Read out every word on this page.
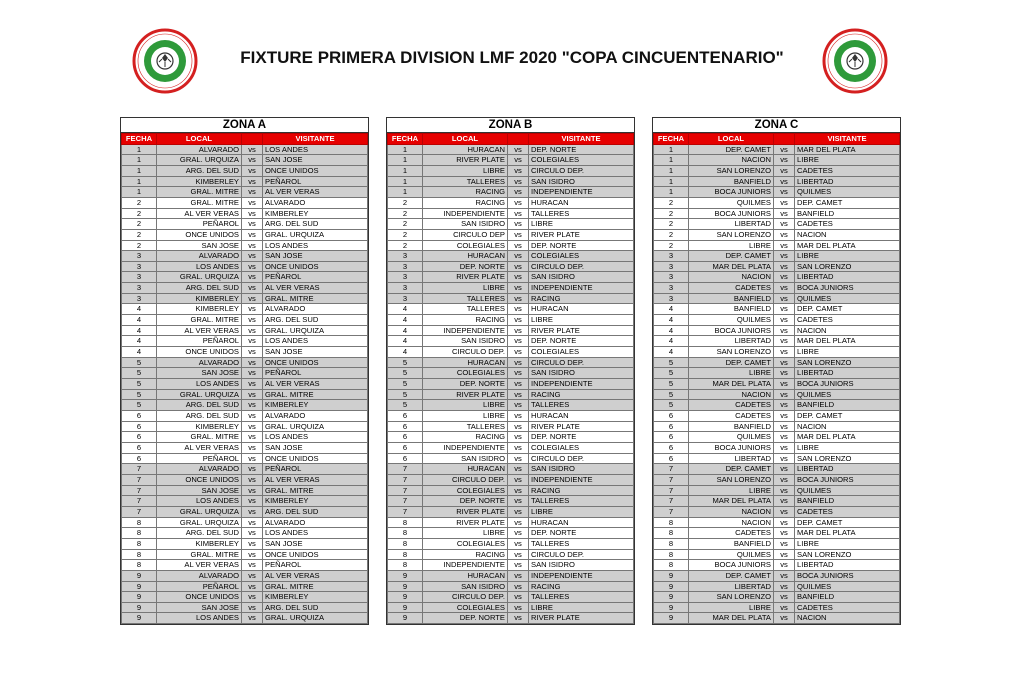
FIXTURE PRIMERA DIVISION LMF 2020 "COPA CINCUENTENARIO"
ZONA A
FECHA	LOCAL		VISITANTE
1	ALVARADO	vs	LOS ANDES
1	GRAL. URQUIZA	vs	SAN JOSE
1	ARG. DEL SUD	vs	ONCE UNIDOS
1	KIMBERLEY	vs	PEÑAROL
1	GRAL. MITRE	vs	AL VER VERAS
2	GRAL. MITRE	vs	ALVARADO
2	AL VER VERAS	vs	KIMBERLEY
2	PEÑAROL	vs	ARG. DEL SUD
2	ONCE UNIDOS	vs	GRAL. URQUIZA
2	SAN JOSE	vs	LOS ANDES
3	ALVARADO	vs	SAN JOSE
3	LOS ANDES	vs	ONCE UNIDOS
3	GRAL. URQUIZA	vs	PEÑAROL
3	ARG. DEL SUD	vs	AL VER VERAS
3	KIMBERLEY	vs	GRAL. MITRE
4	KIMBERLEY	vs	ALVARADO
4	GRAL. MITRE	vs	ARG. DEL SUD
4	AL VER VERAS	vs	GRAL. URQUIZA
4	PEÑAROL	vs	LOS ANDES
4	ONCE UNIDOS	vs	SAN JOSE
5	ALVARADO	vs	ONCE UNIDOS
5	SAN JOSE	vs	PEÑAROL
5	LOS ANDES	vs	AL VER VERAS
5	GRAL. URQUIZA	vs	GRAL. MITRE
5	ARG. DEL SUD	vs	KIMBERLEY
6	ARG. DEL SUD	vs	ALVARADO
6	KIMBERLEY	vs	GRAL. URQUIZA
6	GRAL. MITRE	vs	LOS ANDES
6	AL VER VERAS	vs	SAN JOSE
6	PEÑAROL	vs	ONCE UNIDOS
7	ALVARADO	vs	PEÑAROL
7	ONCE UNIDOS	vs	AL VER VERAS
7	SAN JOSE	vs	GRAL. MITRE
7	LOS ANDES	vs	KIMBERLEY
7	GRAL. URQUIZA	vs	ARG. DEL SUD
8	GRAL. URQUIZA	vs	ALVARADO
8	ARG. DEL SUD	vs	LOS ANDES
8	KIMBERLEY	vs	SAN JOSE
8	GRAL. MITRE	vs	ONCE UNIDOS
8	AL VER VERAS	vs	PEÑAROL
9	ALVARADO	vs	AL VER VERAS
9	PEÑAROL	vs	GRAL. MITRE
9	ONCE UNIDOS	vs	KIMBERLEY
9	SAN JOSE	vs	ARG. DEL SUD
9	LOS ANDES	vs	GRAL. URQUIZA
ZONA B
FECHA	LOCAL		VISITANTE
1	HURACAN	vs	DEP. NORTE
1	RIVER PLATE	vs	COLEGIALES
1	LIBRE	vs	CIRCULO DEP.
1	TALLERES	vs	SAN ISIDRO
1	RACING	vs	INDEPENDIENTE
2	RACING	vs	HURACAN
2	INDEPENDIENTE	vs	TALLERES
2	SAN ISIDRO	vs	LIBRE
2	CIRCULO DEP	vs	RIVER PLATE
2	COLEGIALES	vs	DEP. NORTE
3	HURACAN	vs	COLEGIALES
3	DEP. NORTE	vs	CIRCULO DEP.
3	RIVER PLATE	vs	SAN ISIDRO
3	LIBRE	vs	INDEPENDIENTE
3	TALLERES	vs	RACING
4	TALLERES	vs	HURACAN
4	RACING	vs	LIBRE
4	INDEPENDIENTE	vs	RIVER PLATE
4	SAN ISIDRO	vs	DEP. NORTE
4	CIRCULO DEP.	vs	COLEGIALES
5	HURACAN	vs	CIRCULO DEP.
5	COLEGIALES	vs	SAN ISIDRO
5	DEP. NORTE	vs	INDEPENDIENTE
5	RIVER PLATE	vs	RACING
5	LIBRE	vs	TALLERES
6	LIBRE	vs	HURACAN
6	TALLERES	vs	RIVER PLATE
6	RACING	vs	DEP. NORTE
6	INDEPENDIENTE	vs	COLEGIALES
6	SAN ISIDRO	vs	CIRCULO DEP.
7	HURACAN	vs	SAN ISIDRO
7	CIRCULO DEP.	vs	INDEPENDIENTE
7	COLEGIALES	vs	RACING
7	DEP. NORTE	vs	TALLERES
7	RIVER PLATE	vs	LIBRE
8	RIVER PLATE	vs	HURACAN
8	LIBRE	vs	DEP. NORTE
8	COLEGIALES	vs	TALLERES
8	RACING	vs	CIRCULO DEP.
8	INDEPENDIENTE	vs	SAN ISIDRO
9	HURACAN	vs	INDEPENDIENTE
9	SAN ISIDRO	vs	RACING
9	CIRCULO DEP.	vs	TALLERES
9	COLEGIALES	vs	LIBRE
9	DEP. NORTE	vs	RIVER PLATE
ZONA C
FECHA	LOCAL		VISITANTE
1	DEP. CAMET	vs	MAR DEL PLATA
1	NACION	vs	LIBRE
1	SAN LORENZO	vs	CADETES
1	BANFIELD	vs	LIBERTAD
1	BOCA JUNIORS	vs	QUILMES
2	QUILMES	vs	DEP. CAMET
2	BOCA JUNIORS	vs	BANFIELD
2	LIBERTAD	vs	CADETES
2	SAN LORENZO	vs	NACION
2	LIBRE	vs	MAR DEL PLATA
3	DEP. CAMET	vs	LIBRE
3	MAR DEL PLATA	vs	SAN LORENZO
3	NACION	vs	LIBERTAD
3	CADETES	vs	BOCA JUNIORS
3	BANFIELD	vs	QUILMES
4	BANFIELD	vs	DEP. CAMET
4	QUILMES	vs	CADETES
4	BOCA JUNIORS	vs	NACION
4	LIBERTAD	vs	MAR DEL PLATA
4	SAN LORENZO	vs	LIBRE
5	DEP. CAMET	vs	SAN LORENZO
5	LIBRE	vs	LIBERTAD
5	MAR DEL PLATA	vs	BOCA JUNIORS
5	NACION	vs	QUILMES
5	CADETES	vs	BANFIELD
6	CADETES	vs	DEP. CAMET
6	BANFIELD	vs	NACION
6	QUILMES	vs	MAR DEL PLATA
6	BOCA JUNIORS	vs	LIBRE
6	LIBERTAD	vs	SAN LORENZO
7	DEP. CAMET	vs	LIBERTAD
7	SAN LORENZO	vs	BOCA JUNIORS
7	LIBRE	vs	QUILMES
7	MAR DEL PLATA	vs	BANFIELD
7	NACION	vs	CADETES
8	NACION	vs	DEP. CAMET
8	CADETES	vs	MAR DEL PLATA
8	BANFIELD	vs	LIBRE
8	QUILMES	vs	SAN LORENZO
8	BOCA JUNIORS	vs	LIBERTAD
9	DEP. CAMET	vs	BOCA JUNIORS
9	LIBERTAD	vs	QUILMES
9	SAN LORENZO	vs	BANFIELD
9	LIBRE	vs	CADETES
9	MAR DEL PLATA	vs	NACION
